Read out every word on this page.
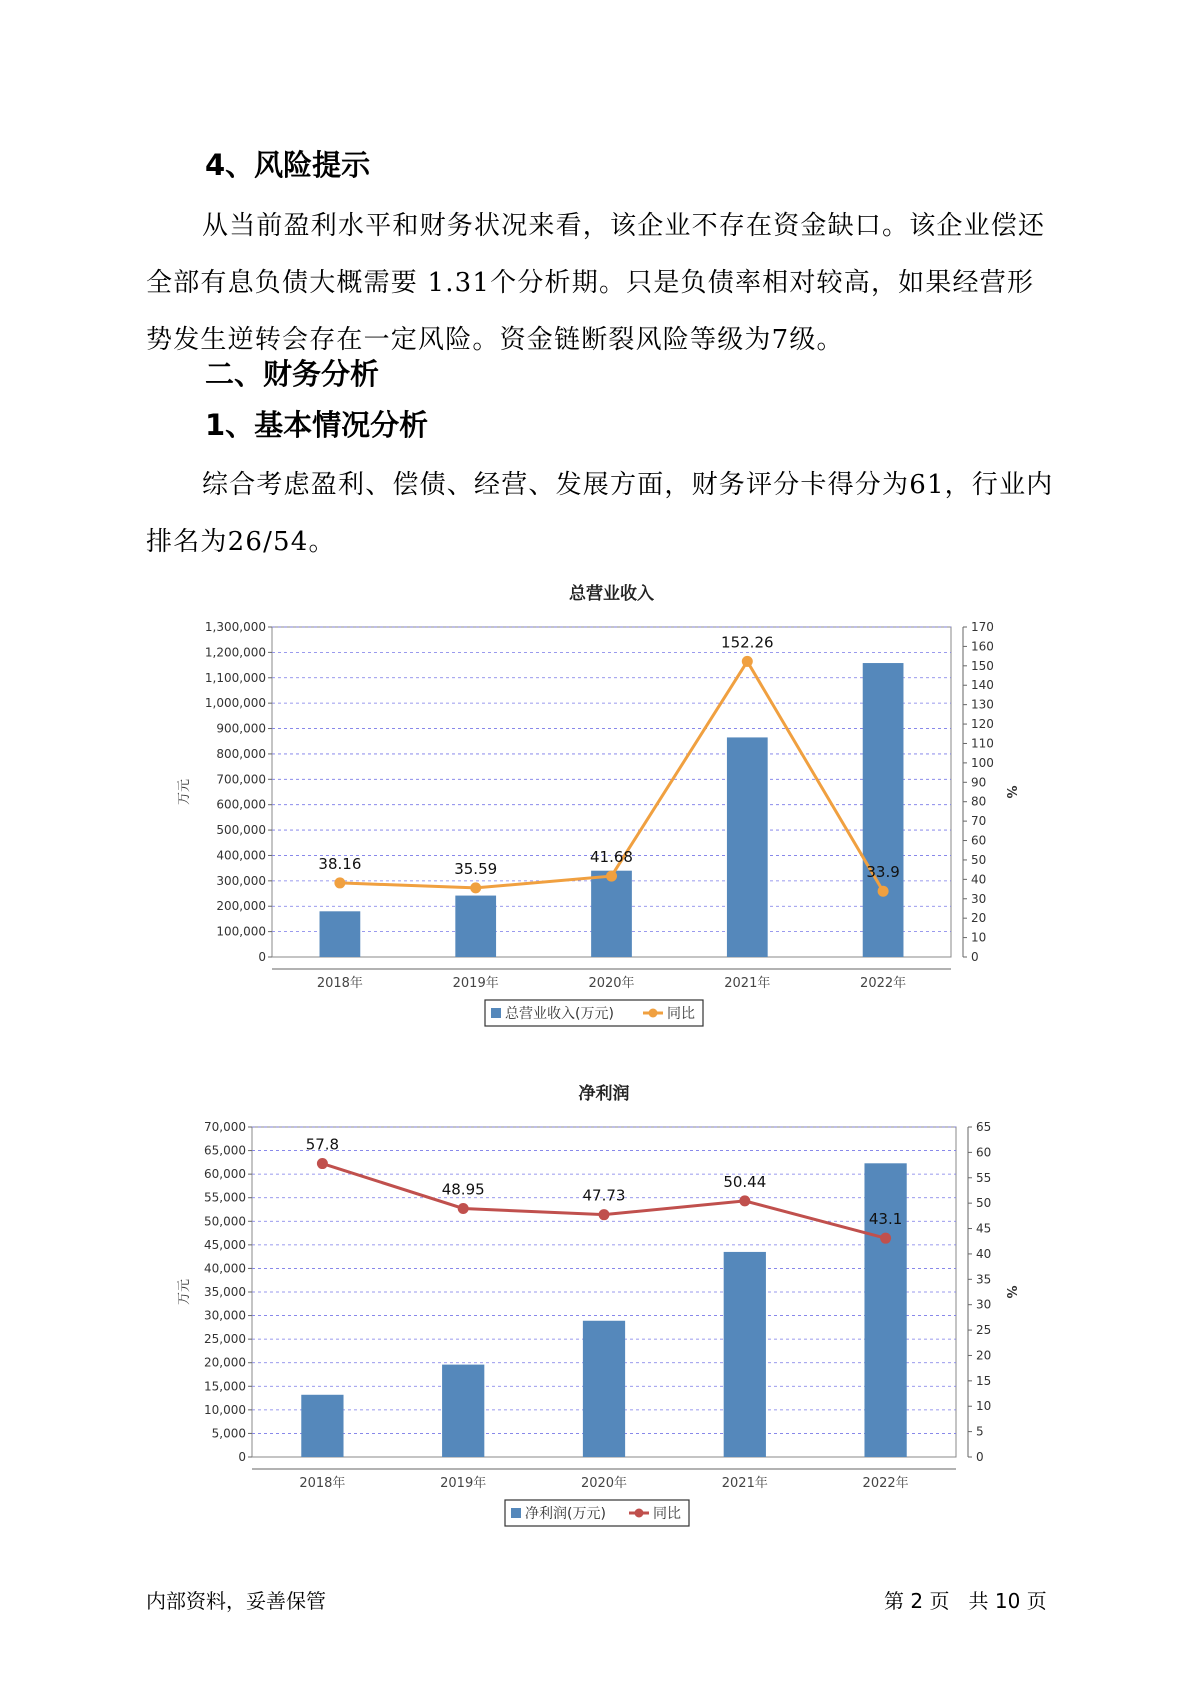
4、风险提示
从当前盈利水平和财务状况来看，该企业不存在资金缺口。该企业偿还全部有息负债大概需要 1.31个分析期。只是负债率相对较高，如果经营形势发生逆转会存在一定风险。资金链断裂风险等级为7级。
二、财务分析
1、基本情况分析
综合考虑盈利、偿债、经营、发展方面，财务评分卡得分为61，行业内排名为26/54。
总营业收入
0
100,000
200,000
300,000
400,000
500,000
600,000
700,000
800,000
900,000
1,000,000
1,100,000
1,200,000
1,300,000
0
10
20
30
40
50
60
70
80
90
100
110
120
130
140
150
160
170
万元	%
2018年	2019年	2020年	2021年	2022年
38.16	35.59
41.68
152.26
33.9
总营业收入(万元)	同比
净利润
0
5,000
10,000
15,000
20,000
25,000
30,000
35,000
40,000
45,000
50,000
55,000
60,000
65,000
70,000
0
5
10
15
20
25
30
35
40
45
50
55
60
65
万元	%
2018年	2019年	2020年	2021年	2022年
57.8
48.95	47.73
50.44
43.1
净利润(万元)	同比
内部资料，妥善保管	第 2 页 共 10 页
